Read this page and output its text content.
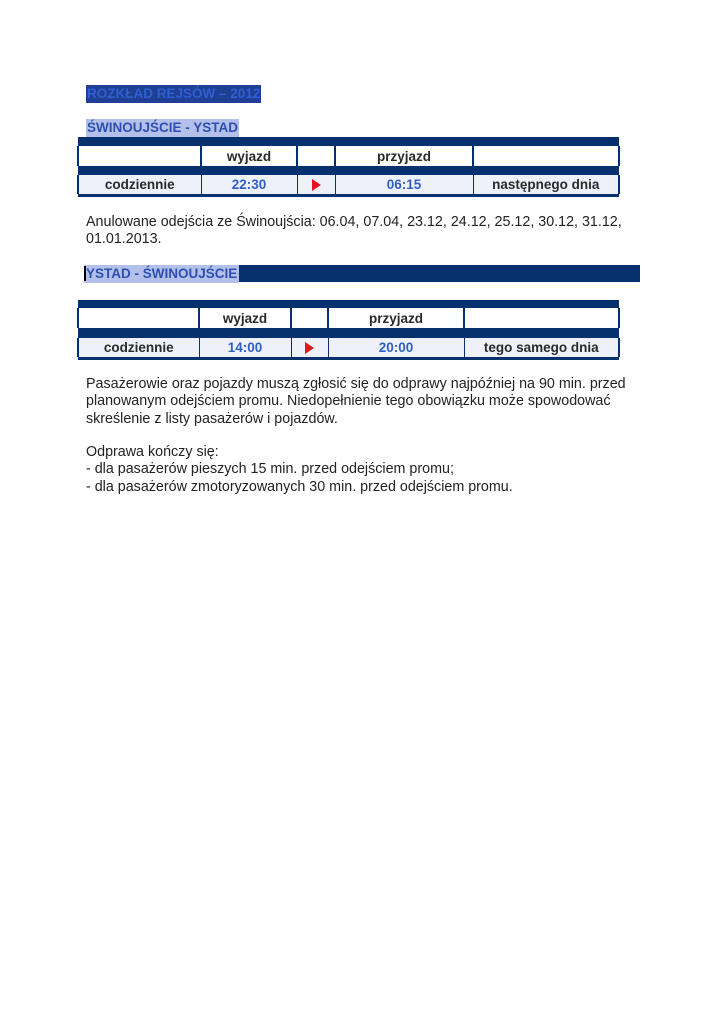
ROZKŁAD REJSÓW – 2012
ŚWINOUJŚCIE - YSTAD

	wyjazd		przyjazd	

codziennie	22:30		06:15	następnego dnia

Anulowane odejścia ze Świnoujścia: 06.04, 07.04, 23.12, 24.12, 25.12, 30.12, 31.12,
01.01.2013.
YSTAD - ŚWINOUJŚCIE

	wyjazd		przyjazd	

codziennie	14:00		20:00	tego samego dnia

Pasażerowie oraz pojazdy muszą zgłosić się do odprawy najpóźniej na 90 min. przed
planowanym odejściem promu. Niedopełnienie tego obowiązku może spowodować
skreślenie z listy pasażerów i pojazdów.
Odprawa kończy się:
- dla pasażerów pieszych 15 min. przed odejściem promu;
- dla pasażerów zmotoryzowanych 30 min. przed odejściem promu.
